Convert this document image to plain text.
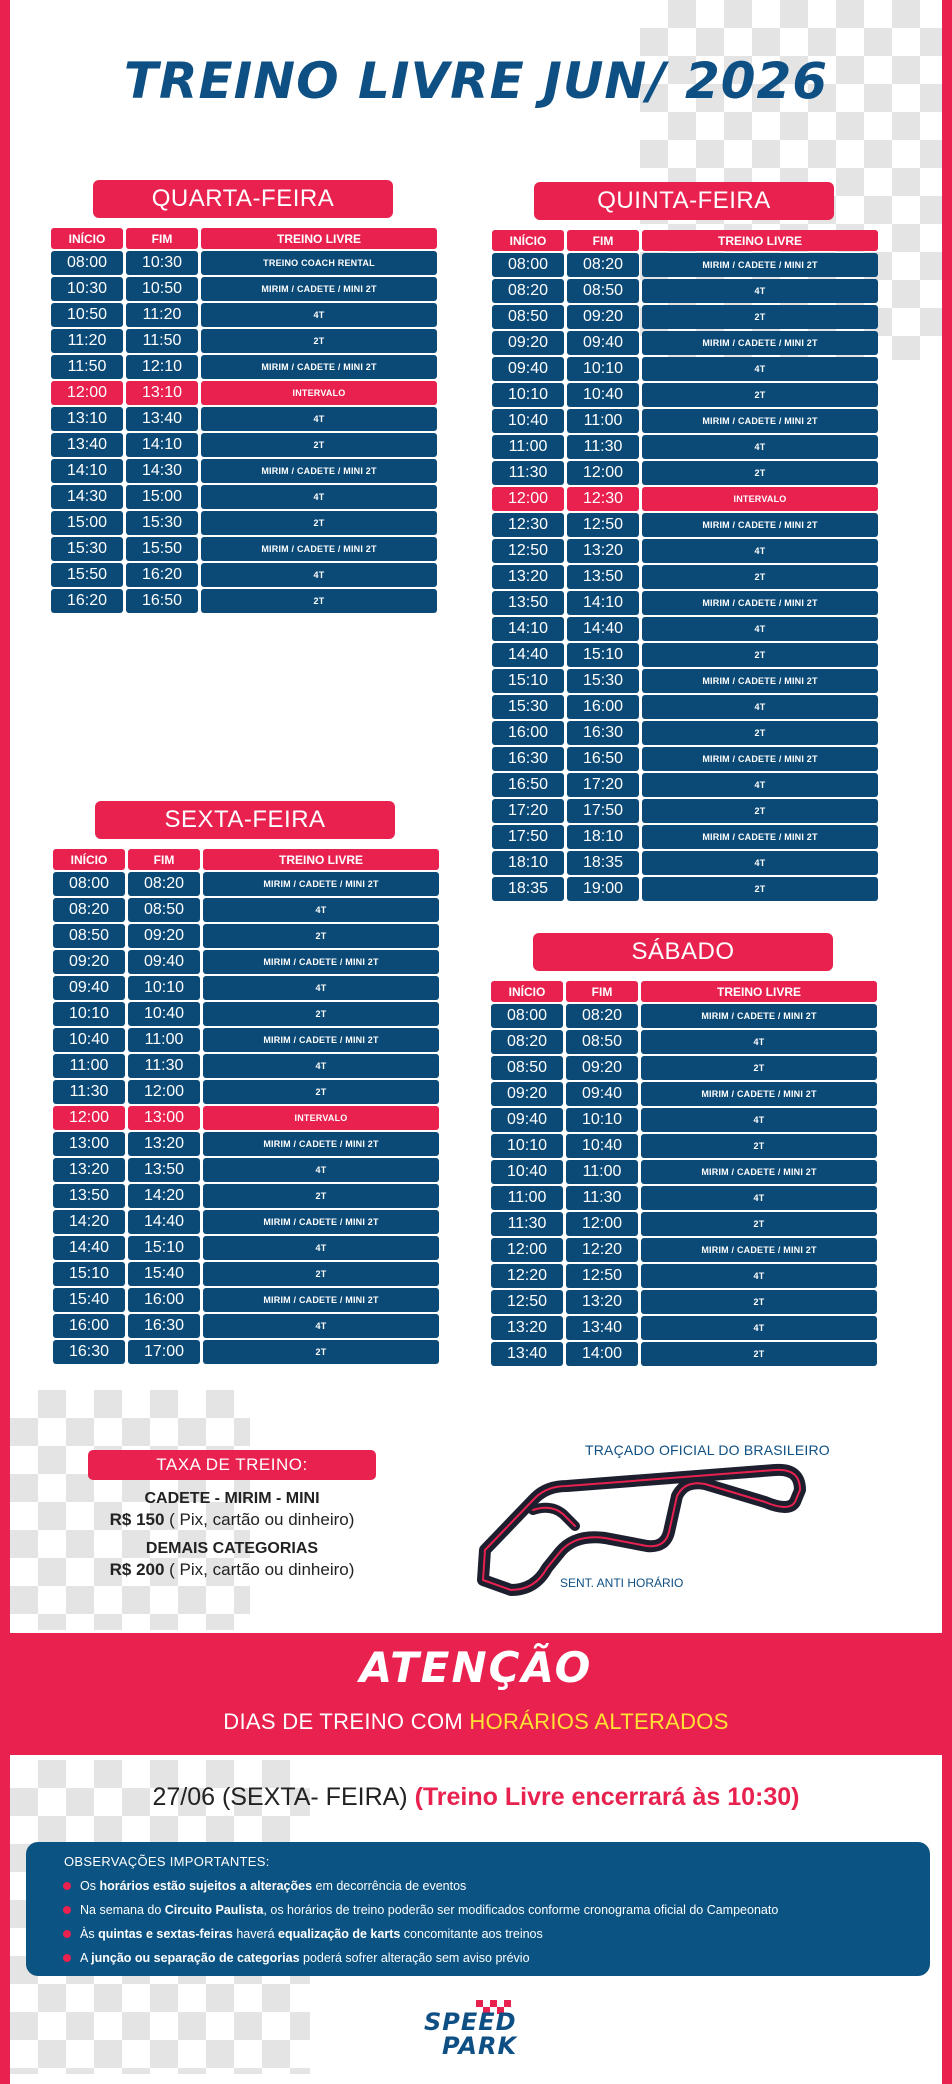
TREINO LIVRE JUN/ 2026
QUARTA-FEIRA
INÍCIO	FIM	TREINO LIVRE
08:00	10:30	TREINO COACH RENTAL
10:30	10:50	MIRIM / CADETE / MINI 2T
10:50	11:20	4T
11:20	11:50	2T
11:50	12:10	MIRIM / CADETE / MINI 2T
12:00	13:10	INTERVALO
13:10	13:40	4T
13:40	14:10	2T
14:10	14:30	MIRIM / CADETE / MINI 2T
14:30	15:00	4T
15:00	15:30	2T
15:30	15:50	MIRIM / CADETE / MINI 2T
15:50	16:20	4T
16:20	16:50	2T
QUINTA-FEIRA
INÍCIO	FIM	TREINO LIVRE
08:00	08:20	MIRIM / CADETE / MINI 2T
08:20	08:50	4T
08:50	09:20	2T
09:20	09:40	MIRIM / CADETE / MINI 2T
09:40	10:10	4T
10:10	10:40	2T
10:40	11:00	MIRIM / CADETE / MINI 2T
11:00	11:30	4T
11:30	12:00	2T
12:00	12:30	INTERVALO
12:30	12:50	MIRIM / CADETE / MINI 2T
12:50	13:20	4T
13:20	13:50	2T
13:50	14:10	MIRIM / CADETE / MINI 2T
14:10	14:40	4T
14:40	15:10	2T
15:10	15:30	MIRIM / CADETE / MINI 2T
15:30	16:00	4T
16:00	16:30	2T
16:30	16:50	MIRIM / CADETE / MINI 2T
16:50	17:20	4T
17:20	17:50	2T
17:50	18:10	MIRIM / CADETE / MINI 2T
18:10	18:35	4T
18:35	19:00	2T
SEXTA-FEIRA
INÍCIO	FIM	TREINO LIVRE
08:00	08:20	MIRIM / CADETE / MINI 2T
08:20	08:50	4T
08:50	09:20	2T
09:20	09:40	MIRIM / CADETE / MINI 2T
09:40	10:10	4T
10:10	10:40	2T
10:40	11:00	MIRIM / CADETE / MINI 2T
11:00	11:30	4T
11:30	12:00	2T
12:00	13:00	INTERVALO
13:00	13:20	MIRIM / CADETE / MINI 2T
13:20	13:50	4T
13:50	14:20	2T
14:20	14:40	MIRIM / CADETE / MINI 2T
14:40	15:10	4T
15:10	15:40	2T
15:40	16:00	MIRIM / CADETE / MINI 2T
16:00	16:30	4T
16:30	17:00	2T
SÁBADO
INÍCIO	FIM	TREINO LIVRE
08:00	08:20	MIRIM / CADETE / MINI 2T
08:20	08:50	4T
08:50	09:20	2T
09:20	09:40	MIRIM / CADETE / MINI 2T
09:40	10:10	4T
10:10	10:40	2T
10:40	11:00	MIRIM / CADETE / MINI 2T
11:00	11:30	4T
11:30	12:00	2T
12:00	12:20	MIRIM / CADETE / MINI 2T
12:20	12:50	4T
12:50	13:20	2T
13:20	13:40	4T
13:40	14:00	2T
TAXA DE TREINO:
CADETE - MIRIM - MINI
R$ 150 ( Pix, cartão ou dinheiro)
DEMAIS CATEGORIAS
R$ 200 ( Pix, cartão ou dinheiro)

TRAÇADO OFICIAL DO BRASILEIRO

SENT. ANTI HORÁRIO

ATENÇÃO

DIAS DE TREINO COM HORÁRIOS ALTERADOS

27/06 (SEXTA- FEIRA) (Treino Livre encerrará às 10:30)

OBSERVAÇÕES IMPORTANTES:

Os horários estão sujeitos a alterações em decorrência de eventos

Na semana do Circuito Paulista, os horários de treino poderão ser modificados conforme cronograma oficial do Campeonato

Às quintas e sextas-feiras haverá equalização de karts concomitante aos treinos

A junção ou separação de categorias poderá sofrer alteração sem aviso prévio

SPEED

PARK
